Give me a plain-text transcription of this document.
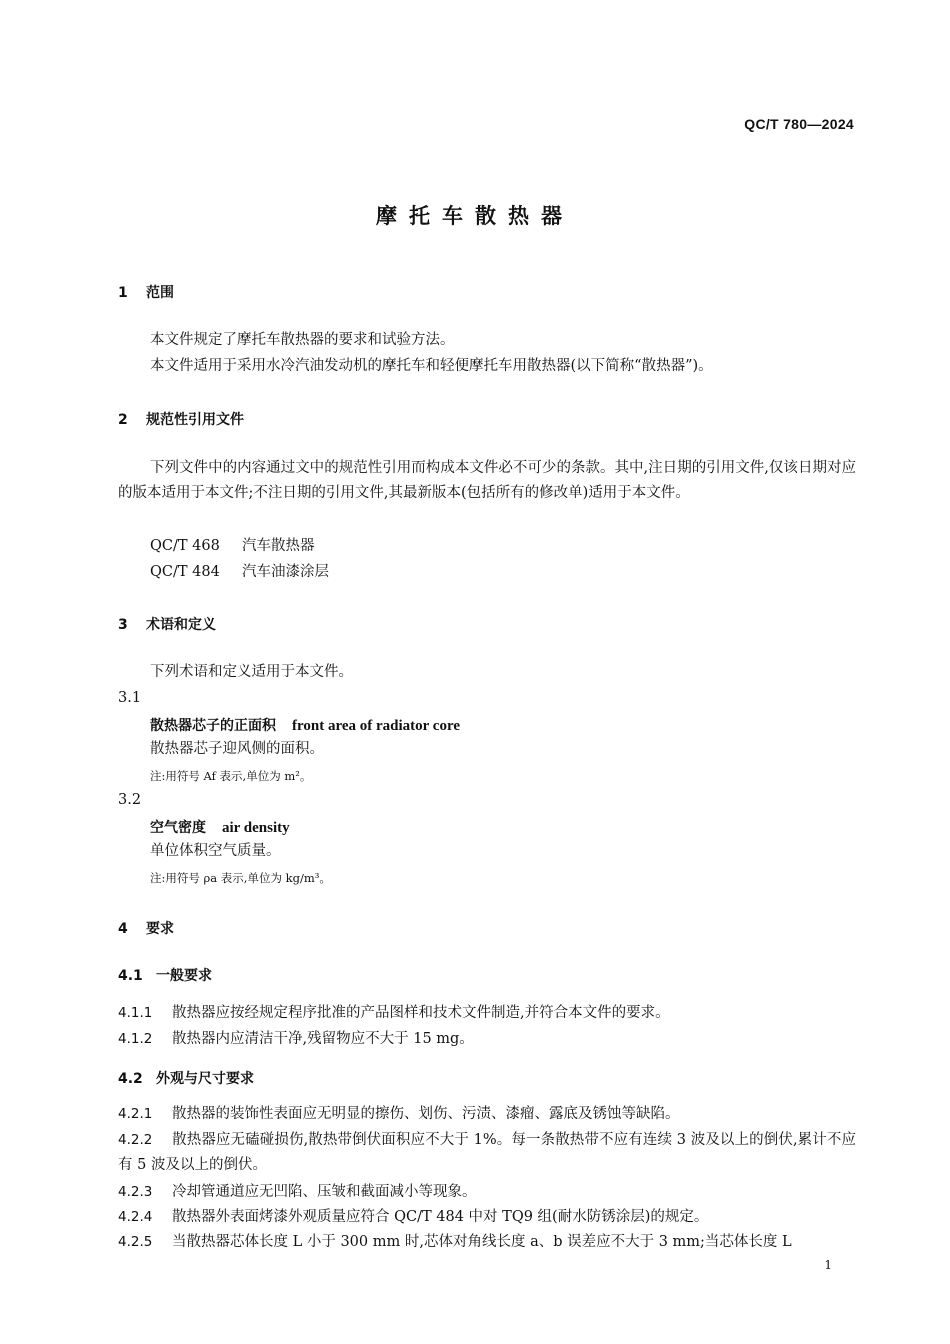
QC/T 780—2024
摩托车散热器
1 范围
本文件规定了摩托车散热器的要求和试验方法。
本文件适用于采用水冷汽油发动机的摩托车和轻便摩托车用散热器(以下简称“散热器”)。
2 规范性引用文件
下列文件中的内容通过文中的规范性引用而构成本文件必不可少的条款。其中,注日期的引用文件,仅该日期对应的版本适用于本文件;不注日期的引用文件,其最新版本(包括所有的修改单)适用于本文件。
QC/T 468 汽车散热器
QC/T 484 汽车油漆涂层
3 术语和定义
下列术语和定义适用于本文件。
3.1
散热器芯子的正面积 front area of radiator core
散热器芯子迎风侧的面积。
注:用符号 Af 表示,单位为 m²。
3.2
空气密度 air density
单位体积空气质量。
注:用符号 ρa 表示,单位为 kg/m³。
4 要求
4.1 一般要求
4.1.1 散热器应按经规定程序批准的产品图样和技术文件制造,并符合本文件的要求。
4.1.2 散热器内应清洁干净,残留物应不大于 15 mg。
4.2 外观与尺寸要求
4.2.1 散热器的装饰性表面应无明显的擦伤、划伤、污渍、漆瘤、露底及锈蚀等缺陷。
4.2.2 散热器应无磕碰损伤,散热带倒伏面积应不大于 1%。每一条散热带不应有连续 3 波及以上的倒伏,累计不应有 5 波及以上的倒伏。
4.2.3 冷却管通道应无凹陷、压皱和截面减小等现象。
4.2.4 散热器外表面烤漆外观质量应符合 QC/T 484 中对 TQ9 组(耐水防锈涂层)的规定。
4.2.5 当散热器芯体长度 L 小于 300 mm 时,芯体对角线长度 a、b 误差应不大于 3 mm;当芯体长度 L
1
